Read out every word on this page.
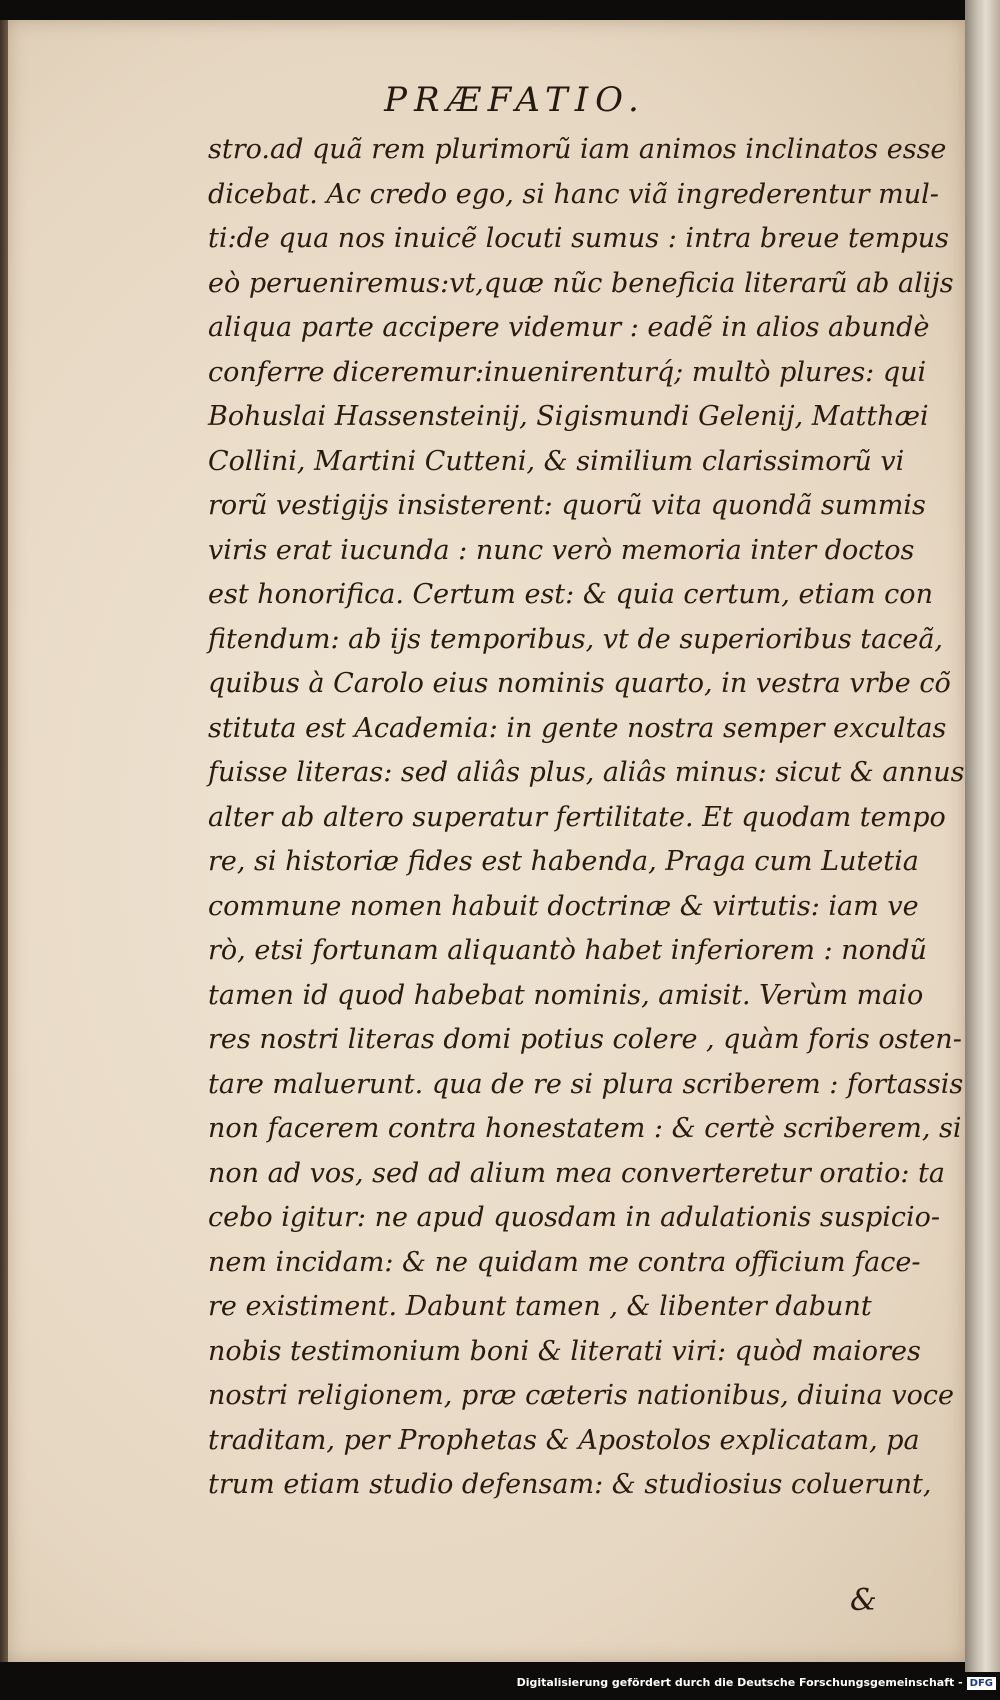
PRÆFATIO.
stro.ad quã rem plurimorũ iam animos inclinatos esse
dicebat. Ac credo ego, si hanc viã ingrederentur mul-
ti:de qua nos inuicẽ locuti sumus : intra breue tempus
eò perueniremus:vt,quæ nũc beneficia literarũ ab alijs
aliqua parte accipere videmur : eadẽ in alios abundè
conferre diceremur:inuenirenturq́; multò plures: qui
Bohuslai Hassensteinij, Sigismundi Gelenij, Matthæi
Collini, Martini Cutteni, & similium clarissimorũ vi
rorũ vestigijs insisterent: quorũ vita quondã summis
viris erat iucunda : nunc verò memoria inter doctos
est honorifica. Certum est: & quia certum, etiam con
fitendum: ab ijs temporibus, vt de superioribus taceã,
quibus à Carolo eius nominis quarto, in vestra vrbe cõ
stituta est Academia: in gente nostra semper excultas
fuisse literas: sed aliâs plus, aliâs minus: sicut & annus
alter ab altero superatur fertilitate. Et quodam tempo
re, si historiæ fides est habenda, Praga cum Lutetia
commune nomen habuit doctrinæ & virtutis: iam ve
rò, etsi fortunam aliquantò habet inferiorem : nondũ
tamen id quod habebat nominis, amisit. Verùm maio
res nostri literas domi potius colere , quàm foris osten-
tare maluerunt. qua de re si plura scriberem : fortassis
non facerem contra honestatem : & certè scriberem, si
non ad vos, sed ad alium mea converteretur oratio: ta
cebo igitur: ne apud quosdam in adulationis suspicio-
nem incidam: & ne quidam me contra officium face-
re existiment. Dabunt tamen , & libenter dabunt
nobis testimonium boni & literati viri: quòd maiores
nostri religionem, præ cæteris nationibus, diuina voce
traditam, per Prophetas & Apostolos explicatam, pa
trum etiam studio defensam: & studiosius coluerunt,
&
Digitalisierung gefördert durch die Deutsche Forschungsgemeinschaft - DFG
